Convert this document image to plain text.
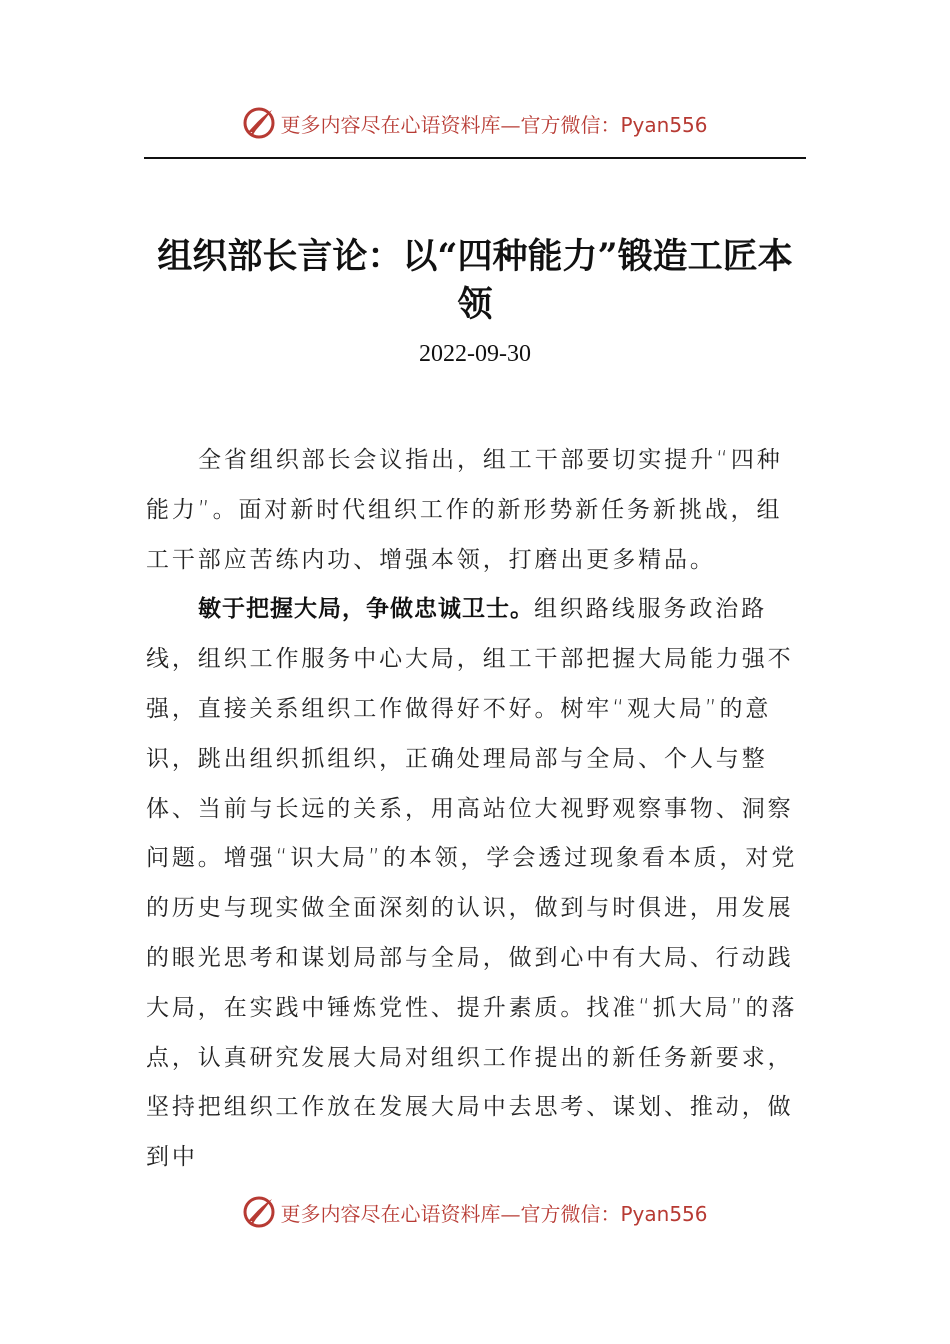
更多内容尽在心语资料库—官方微信：Pyan556
组织部长言论：以“四种能力”锻造工匠本领
2022-09-30

全省组织部长会议指出，组工干部要切实提升“四种能力”。面对新时代组织工作的新形势新任务新挑战，组工干部应苦练内功、增强本领，打磨出更多精品。

敏于把握大局，争做忠诚卫士。组织路线服务政治路线，组织工作服务中心大局，组工干部把握大局能力强不强，直接关系组织工作做得好不好。树牢“观大局”的意识，跳出组织抓组织，正确处理局部与全局、个人与整体、当前与长远的关系，用高站位大视野观察事物、洞察问题。增强“识大局”的本领，学会透过现象看本质，对党的历史与现实做全面深刻的认识，做到与时俱进，用发展的眼光思考和谋划局部与全局，做到心中有大局、行动践大局，在实践中锤炼党性、提升素质。找准“抓大局”的落点，认真研究发展大局对组织工作提出的新任务新要求，坚持把组织工作放在发展大局中去思考、谋划、推动，做到中

更多内容尽在心语资料库—官方微信：Pyan556
